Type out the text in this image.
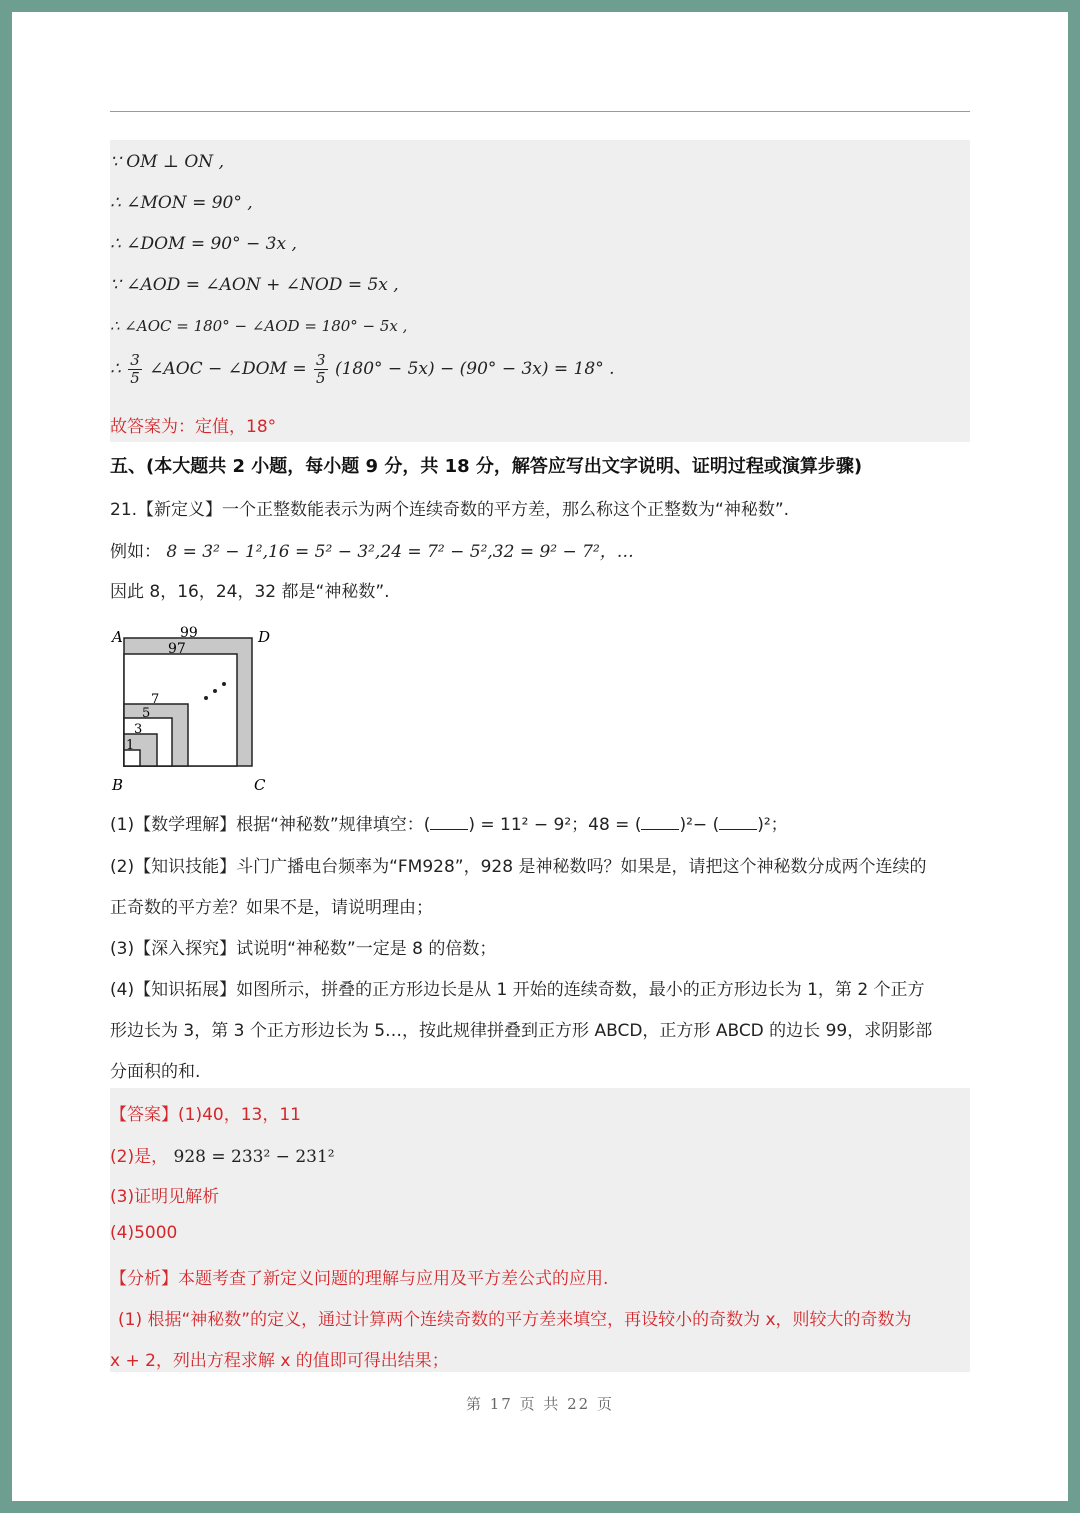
∵ OM ⊥ ON ,
∴ ∠MON = 90° ,
∴ ∠DOM = 90° − 3x ,
∵ ∠AOD = ∠AON + ∠NOD = 5x ,
∴ ∠AOC = 180° − ∠AOD = 180° − 5x ,
∴ $\frac{3}{5}$ ∠AOC − ∠DOM = $\frac{3}{5} (180^\circ - 5x) - (90^\circ - 3x) = 18^\circ$ .
故答案为：定值，18°
五、(本大题共 2 小题，每小题 9 分，共 18 分，解答应写出文字说明、证明过程或演算步骤)
21.【新定义】一个正整数能表示为两个连续奇数的平方差，那么称这个正整数为“神秘数”.
例如： 8 = 3² − 1²,16 = 5² − 3²,24 = 7² − 5²,32 = 9² − 7²，…
因此 8，16，24，32 都是“神秘数”.
A	D
B	C
99
97
7
5
3
1
(1)【数学理解】根据“神秘数”规律填空：( ) = 11² − 9²；48 = ( )²− ( )²；
(2)【知识技能】斗门广播电台频率为“FM928”，928 是神秘数吗？如果是，请把这个神秘数分成两个连续的
正奇数的平方差？如果不是，请说明理由；
(3)【深入探究】试说明“神秘数”一定是 8 的倍数；
(4)【知识拓展】如图所示，拼叠的正方形边长是从 1 开始的连续奇数，最小的正方形边长为 1，第 2 个正方
形边长为 3，第 3 个正方形边长为 5…，按此规律拼叠到正方形 ABCD，正方形 ABCD 的边长 99，求阴影部
分面积的和.
【答案】(1)40，13，11
(2)是， 928 = 233² − 231²
(3)证明见解析
(4)5000
【分析】本题考查了新定义问题的理解与应用及平方差公式的应用.
(1) 根据“神秘数”的定义，通过计算两个连续奇数的平方差来填空，再设较小的奇数为 x，则较大的奇数为
x + 2，列出方程求解 x 的值即可得出结果；
第 17 页 共 22 页
